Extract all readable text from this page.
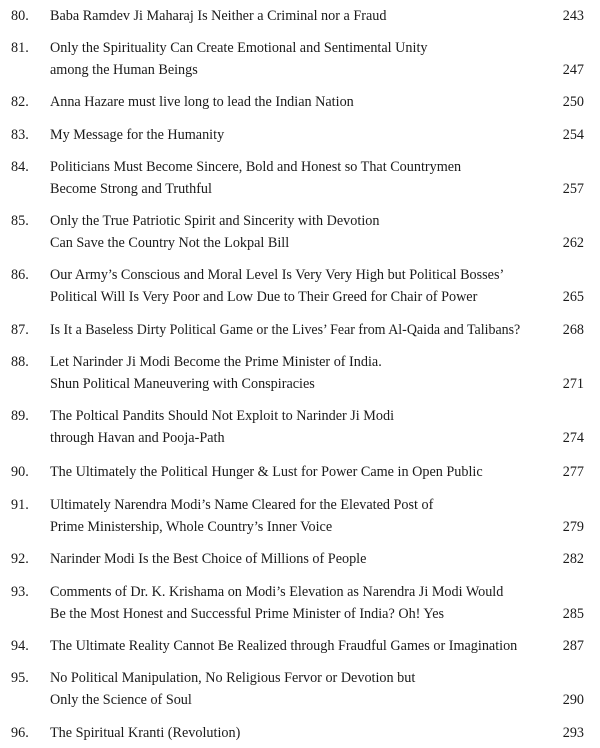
80. Baba Ramdev Ji Maharaj Is Neither a Criminal nor a Fraud	243
81. Only the Spirituality Can Create Emotional and Sentimental Unity
among the Human Beings	247
82. Anna Hazare must live long to lead the Indian Nation	250
83. My Message for the Humanity	254
84. Politicians Must Become Sincere, Bold and Honest so That Countrymen
Become Strong and Truthful	257
85. Only the True Patriotic Spirit and Sincerity with Devotion
Can Save the Country Not the Lokpal Bill	262
86. Our Army’s Conscious and Moral Level Is Very Very High but Political Bosses’
Political Will Is Very Poor and Low Due to Their Greed for Chair of Power	265
87. Is It a Baseless Dirty Political Game or the Lives’ Fear from Al-Qaida and Talibans?	268
88. Let Narinder Ji Modi Become the Prime Minister of India.
Shun Political Maneuvering with Conspiracies	271
89. The Poltical Pandits Should Not Exploit to Narinder Ji Modi
through Havan and Pooja-Path	274
90. The Ultimately the Political Hunger & Lust for Power Came in Open Public	277
91. Ultimately Narendra Modi’s Name Cleared for the Elevated Post of
Prime Ministership, Whole Country’s Inner Voice	279
92. Narinder Modi Is the Best Choice of Millions of People	282
93. Comments of Dr. K. Krishama on Modi’s Elevation as Narendra Ji Modi Would
Be the Most Honest and Successful Prime Minister of India? Oh! Yes	285
94. The Ultimate Reality Cannot Be Realized through Fraudful Games or Imagination	287
95. No Political Manipulation, No Religious Fervor or Devotion but
Only the Science of Soul	290
96. The Spiritual Kranti (Revolution)	293
